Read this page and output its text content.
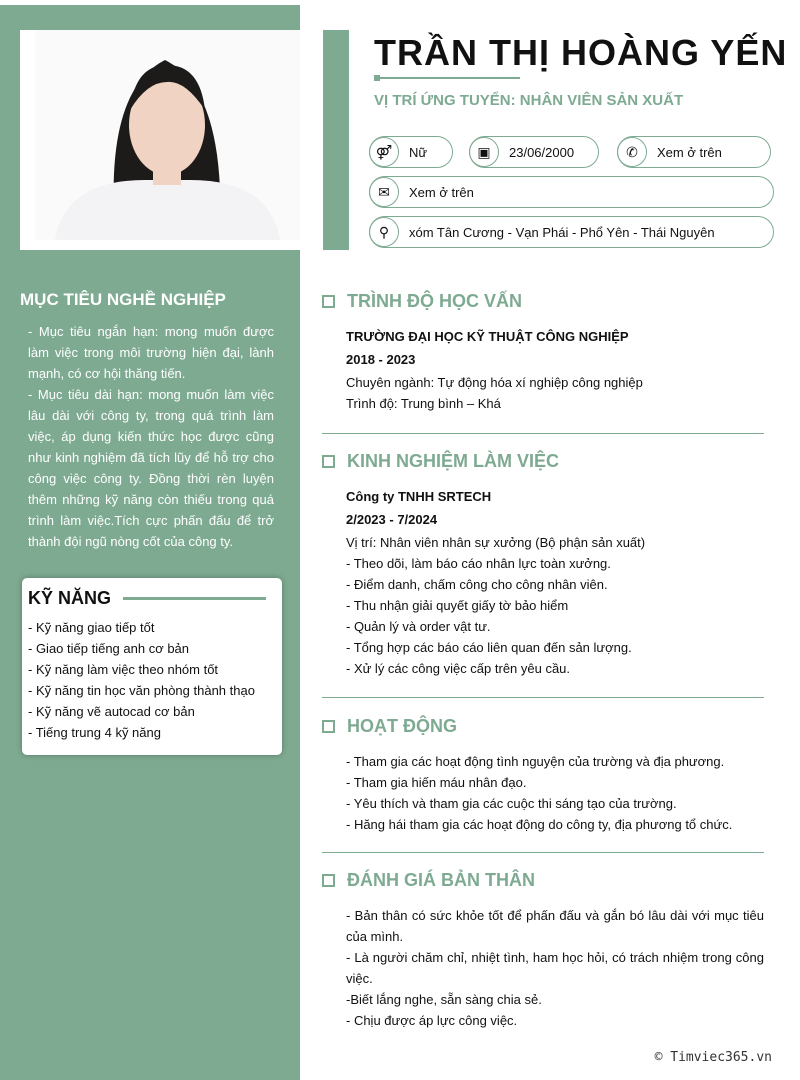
TRẦN THỊ HOÀNG YẾN
VỊ TRÍ ỨNG TUYỂN: NHÂN VIÊN SẢN XUẤT
⚤	Nữ	▣	23/06/2000	✆	Xem ở trên
✉	Xem ở trên
⚲	xóm Tân Cương - Vạn Phái - Phổ Yên - Thái Nguyên
MỤC TIÊU NGHỀ NGHIỆP
- Mục tiêu ngắn hạn: mong muốn được làm việc trong môi trường hiện đại, lành mạnh, có cơ hội thăng tiến.
- Mục tiêu dài hạn: mong muốn làm việc lâu dài với công ty, trong quá trình làm việc, áp dụng kiến thức học được cũng như kinh nghiệm đã tích lũy để hỗ trợ cho công việc công ty. Đồng thời rèn luyện thêm những kỹ năng còn thiếu trong quá trình làm việc.Tích cực phấn đấu để trở thành đội ngũ nòng cốt của công ty.
KỸ NĂNG
- Kỹ năng giao tiếp tốt
- Giao tiếp tiếng anh cơ bản
- Kỹ năng làm việc theo nhóm tốt
- Kỹ năng tin học văn phòng thành thạo
- Kỹ năng vẽ autocad cơ bản
- Tiếng trung 4 kỹ năng
TRÌNH ĐỘ HỌC VẤN
TRƯỜNG ĐẠI HỌC KỸ THUẬT CÔNG NGHIỆP
2018 - 2023
Chuyên ngành: Tự động hóa xí nghiệp công nghiệp
Trình độ: Trung bình – Khá
KINH NGHIỆM LÀM VIỆC
Công ty TNHH SRTECH
2/2023 - 7/2024
Vị trí: Nhân viên nhân sự xưởng (Bộ phận sản xuất)
- Theo dõi, làm báo cáo nhân lực toàn xưởng.
- Điểm danh, chấm công cho công nhân viên.
- Thu nhận giải quyết giấy tờ bảo hiểm
- Quản lý và order vật tư.
- Tổng hợp các báo cáo liên quan đến sản lượng.
- Xử lý các công việc cấp trên yêu cầu.
HOẠT ĐỘNG
- Tham gia các hoạt động tình nguyện của trường và địa phương.
- Tham gia hiến máu nhân đạo.
- Yêu thích và tham gia các cuộc thi sáng tạo của trường.
- Hăng hái tham gia các hoạt động do công ty, địa phương tổ chức.
ĐÁNH GIÁ BẢN THÂN
- Bản thân có sức khỏe tốt để phấn đấu và gắn bó lâu dài với mục tiêu của mình.
- Là người chăm chỉ, nhiệt tình, ham học hỏi, có trách nhiệm trong công việc.
-Biết lắng nghe, sẵn sàng chia sẻ.
- Chịu được áp lực công việc.
© Timviec365.vn
